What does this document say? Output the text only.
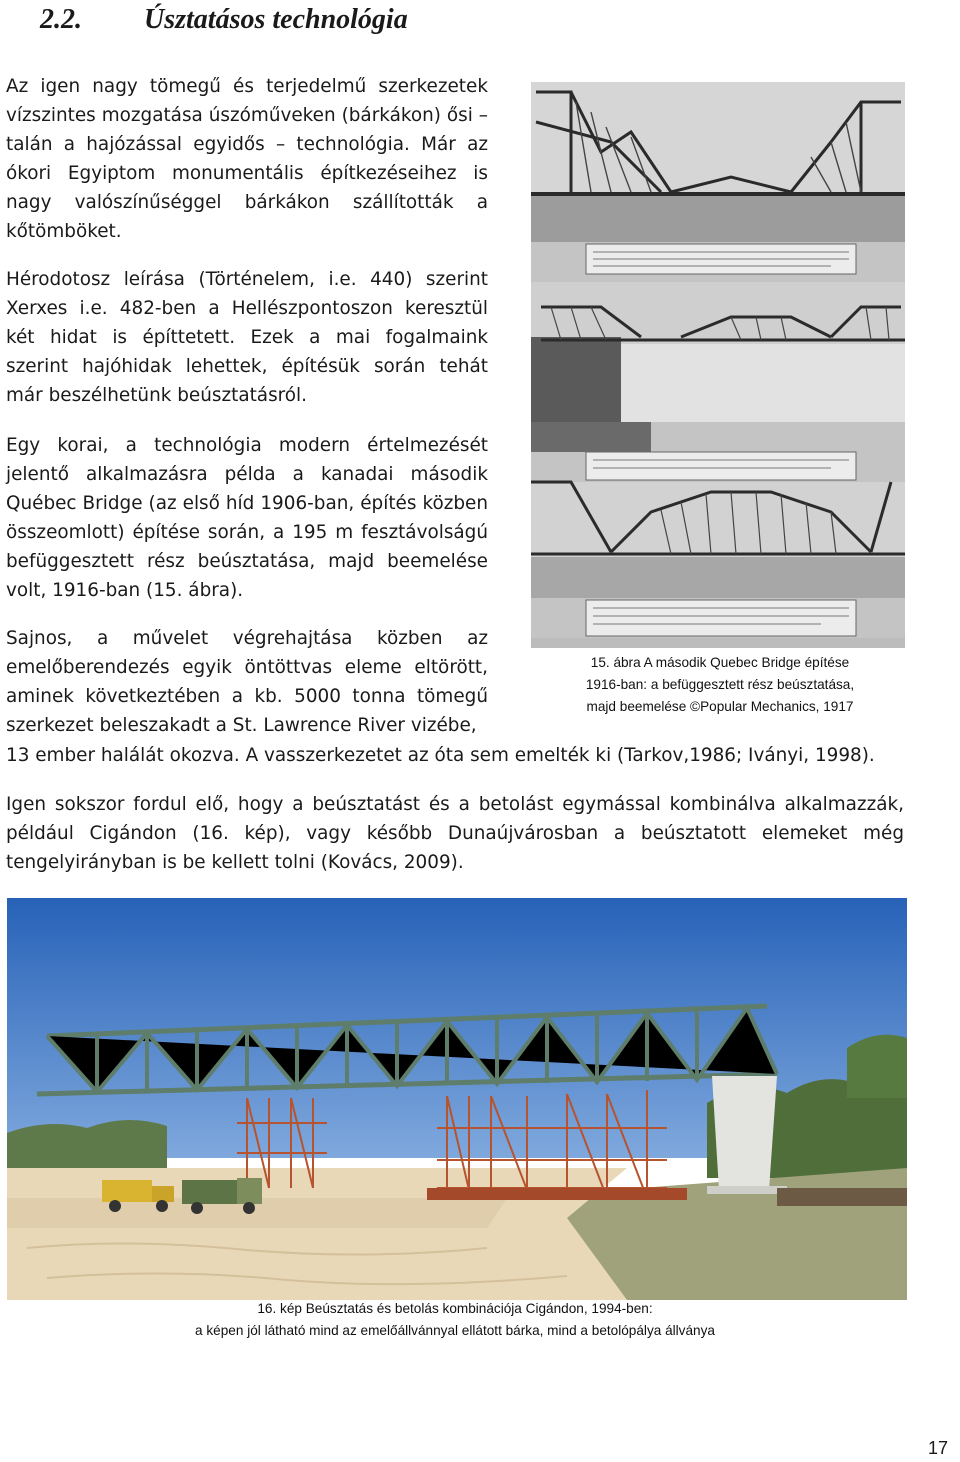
2.2. Úsztatásos technológia

Az igen nagy tömegű és terjedelmű szerkezetek vízszintes mozgatása úszóműveken (bárkákon) ősi – talán a hajózással egyidős – technológia. Már az ókori Egyiptom monumentális építkezéseihez is nagy valószínűséggel bárkákon szállították a kőtömböket.

Hérodotosz leírása (Történelem, i.e. 440) szerint Xerxes i.e. 482-ben a Hellészpontoszon keresztül két hidat is építtetett. Ezek a mai fogalmaink szerint hajóhidak lehettek, építésük során tehát már beszélhetünk beúsztatásról.

Egy korai, a technológia modern értelmezését jelentő alkalmazásra példa a kanadai második Québec Bridge (az első híd 1906-ban, építés közben összeomlott) építése során, a 195 m fesztávolságú befüggesztett rész beúsztatása, majd beemelése volt, 1916-ban (15. ábra).

Sajnos, a művelet végrehajtása közben az emelőberendezés egyik öntöttvas eleme eltörött, aminek következtében a kb. 5000 tonna tömegű szerkezet beleszakadt a St. Lawrence River vizébe,

13 ember halálát okozva. A vasszerkezetet az óta sem emelték ki (Tarkov,1986; Iványi, 1998).

Igen sokszor fordul elő, hogy a beúsztatást és a betolást egymással kombinálva alkalmazzák, például Cigándon (16. kép), vagy később Dunaújvárosban a beúsztatott elemeket még tengelyirányban is be kellett tolni (Kovács, 2009).

15. ábra A második Quebec Bridge építése
1916-ban: a befüggesztett rész beúsztatása,
majd beemelése ©Popular Mechanics, 1917
16. kép Beúsztatás és betolás kombinációja Cigándon, 1994-ben:
a képen jól látható mind az emelőállvánnyal ellátott bárka, mind a betolópálya állványa
17
